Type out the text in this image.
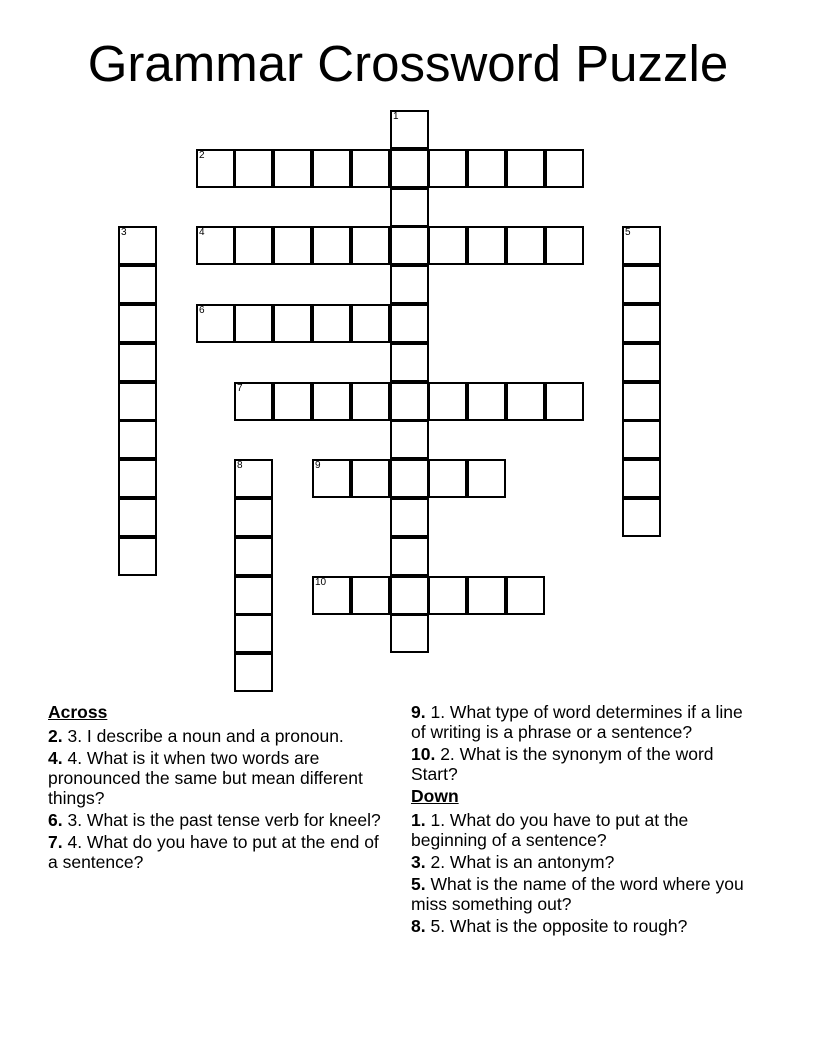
Grammar Crossword Puzzle
1
2
3	4	5
6
7
8	9
10
Across
2. 3. I describe a noun and a pronoun.
4. 4. What is it when two words are pronounced the same but mean different things?
6. 3. What is the past tense verb for kneel?
7. 4. What do you have to put at the end of a sentence?
9. 1. What type of word determines if a line of writing is a phrase or a sentence?
10. 2. What is the synonym of the word Start?
Down
1. 1. What do you have to put at the beginning of a sentence?
3. 2. What is an antonym?
5. What is the name of the word where you miss something out?
8. 5. What is the opposite to rough?
